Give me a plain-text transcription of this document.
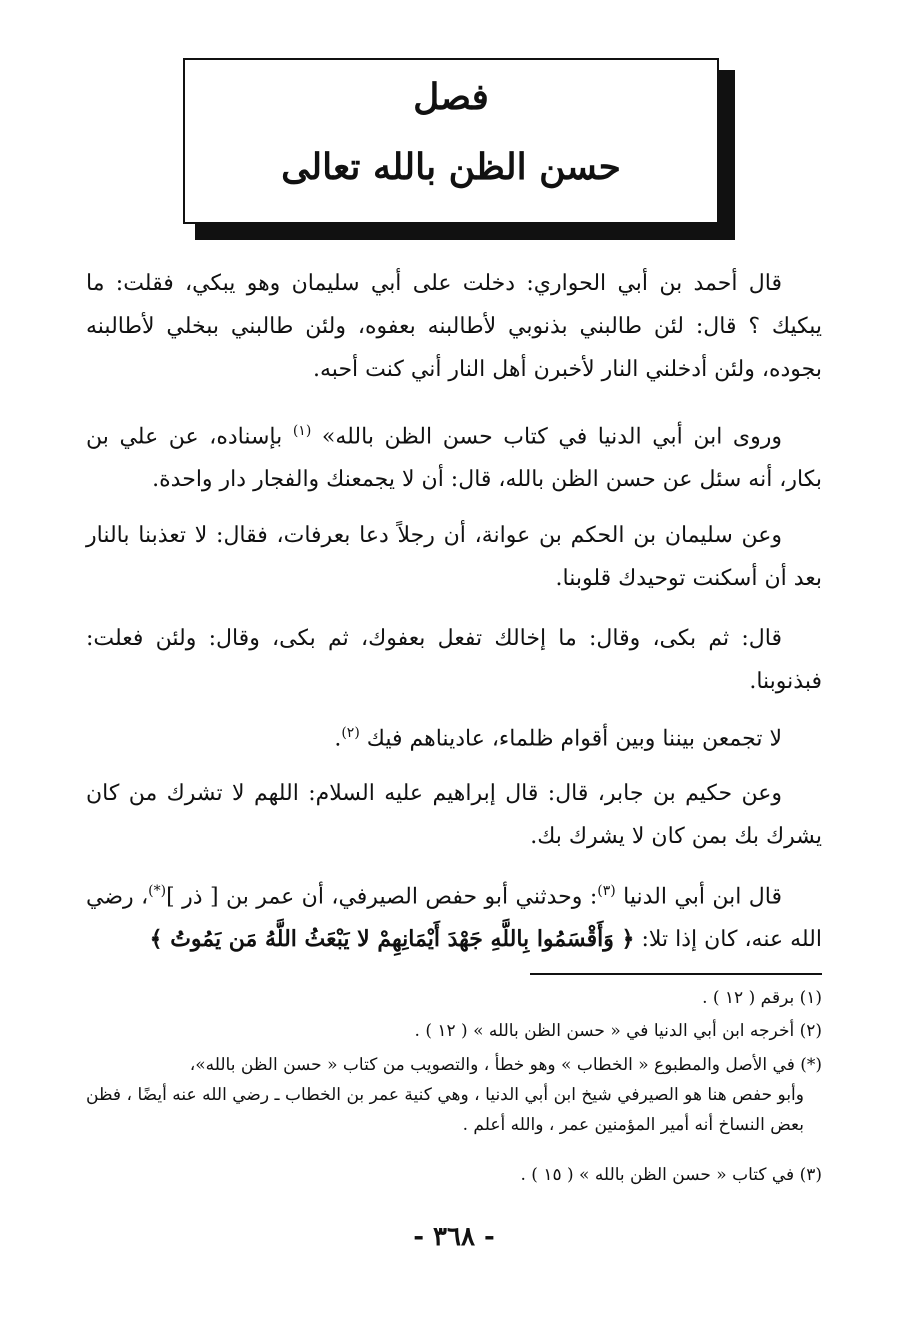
فصل
حسن الظن بالله تعالى

قال أحمد بن أبي الحواري: دخلت على أبي سليمان وهو يبكي، فقلت: ما يبكيك ؟ قال: لئن طالبني بذنوبي لأطالبنه بعفوه، ولئن طالبني ببخلي لأطالبنه بجوده، ولئن أدخلني النار لأخبرن أهل النار أني كنت أحبه.

وروى ابن أبي الدنيا في كتاب حسن الظن بالله» $^{(١)}$ بإسناده، عن علي بن بكار، أنه سئل عن حسن الظن بالله، قال: أن لا يجمعنك والفجار دار واحدة.

وعن سليمان بن الحكم بن عوانة، أن رجلاً دعا بعرفات، فقال: لا تعذبنا بالنار بعد أن أسكنت توحيدك قلوبنا.

قال: ثم بكى، وقال: ما إخالك تفعل بعفوك، ثم بكى، وقال: ولئن فعلت: فبذنوبنا.

لا تجمعن بيننا وبين أقوام ظلماء، عاديناهم فيك $^{(٢)}$.

وعن حكيم بن جابر، قال: قال إبراهيم عليه السلام: اللهم لا تشرك من كان يشرك بك بمن كان لا يشرك بك.

قال ابن أبي الدنيا $^{(٣)}$: وحدثني أبو حفص الصيرفي، أن عمر بن [ ذر ](*)، رضي الله عنه، كان إذا تلا: ﴿ وَأَقْسَمُوا بِاللَّهِ جَهْدَ أَيْمَانِهِمْ لا يَبْعَثُ اللَّهُ مَن يَمُوتُ ﴾

(١) برقم ( ١٢ ) .

(٢) أخرجه ابن أبي الدنيا في « حسن الظن بالله » ( ١٢ ) .

(*) في الأصل والمطبوع « الخطاب » وهو خطأ ، والتصويب من كتاب « حسن الظن بالله»،

وأبو حفص هنا هو الصيرفي شيخ ابن أبي الدنيا ، وهي كنية عمر بن الخطاب ـ رضي الله عنه أيضًا ، فظن بعض النساخ أنه أمير المؤمنين عمر ، والله أعلم .

(٣) في كتاب « حسن الظن بالله » ( ١٥ ) .

- ٣٦٨ -
